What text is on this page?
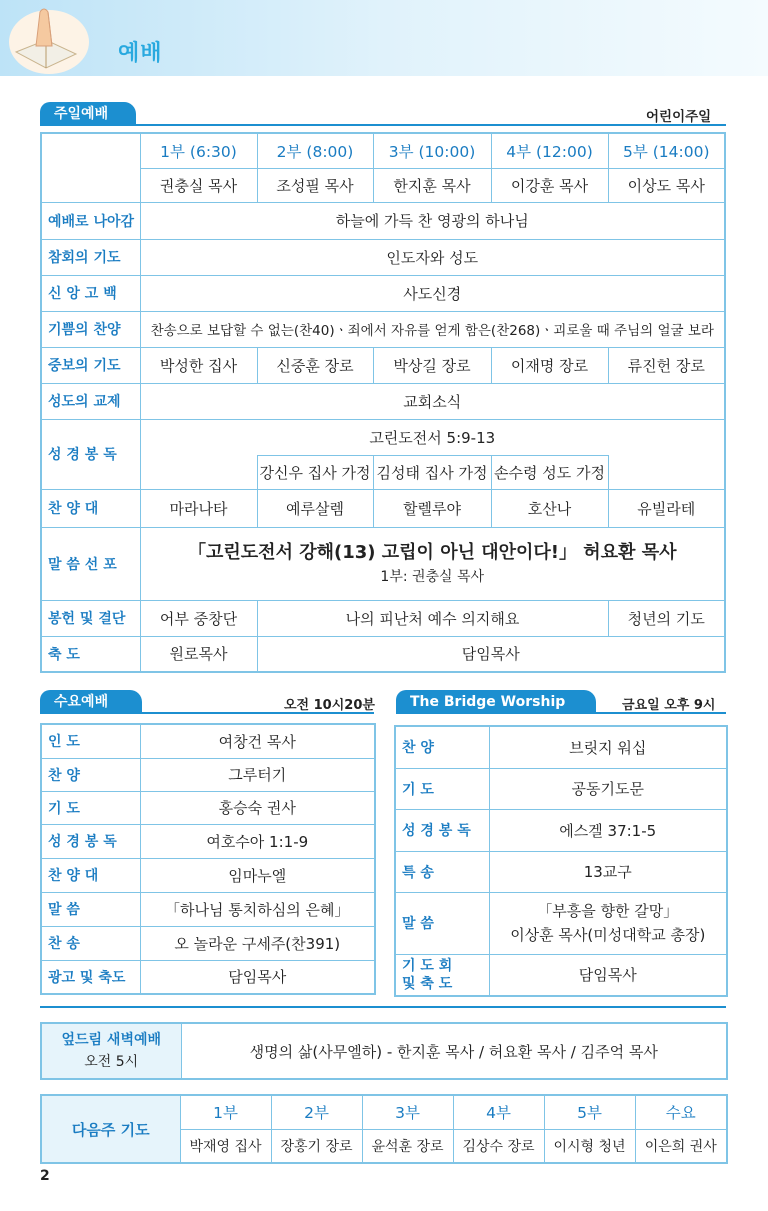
예배
주일예배	어린이주일
	1부 (6:30)	2부 (8:00)	3부 (10:00)	4부 (12:00)	5부 (14:00)
	권충실 목사	조성필 목사	한지훈 목사	이강훈 목사	이상도 목사
예배로 나아감	하늘에 가득 찬 영광의 하나님				
참회의 기도	인도자와 성도				
신 앙 고 백	사도신경				
기쁨의 찬양	찬송으로 보답할 수 없는(찬40)ㆍ죄에서 자유를 얻게 함은(찬268)ㆍ괴로울 때 주님의 얼굴 보라				
중보의 기도	박성한 집사	신중훈 장로	박상길 장로	이재명 장로	류진헌 장로
성도의 교제	교회소식				
성 경 봉 독	고린도전서 5:9-13				
		강신우 집사 가정	김성태 집사 가정	손수령 성도 가정	
찬 양 대	마라나타	예루살렘	할렐루야	호산나	유빌라테
말 씀 선 포	「고린도전서 강해(13) 고립이 아닌 대안이다!」 허요환 목사
1부: 권충실 목사				

봉헌 및 결단	어부 중창단	나의 피난처 예수 의지해요			청년의 기도
축 도	원로목사	담임목사			
수요예배	오전 10시20분
인 도	여창건 목사
찬 양	그루터기
기 도	홍승숙 권사
성 경 봉 독	여호수아 1:1-9
찬 양 대	임마누엘
말 씀	「하나님 통치하심의 은혜」
찬 송	오 놀라운 구세주(찬391)
광고 및 축도	담임목사
The Bridge Worship	금요일 오후 9시
찬 양	브릿지 워십
기 도	공동기도문
성 경 봉 독	에스겔 37:1-5
특 송	13교구
말 씀	「부흥을 향한 갈망」
이상훈 목사(미성대학교 총장)

기 도 회
및 축 도	담임목사
엎드림 새벽예배
오전 5시
	생명의 삶(사무엘하) - 한지훈 목사 / 허요환 목사 / 김주억 목사
다음주 기도	1부	2부	3부	4부	5부	수요
	박재영 집사	장홍기 장로	윤석훈 장로	김상수 장로	이시형 청년	이은희 권사
2
